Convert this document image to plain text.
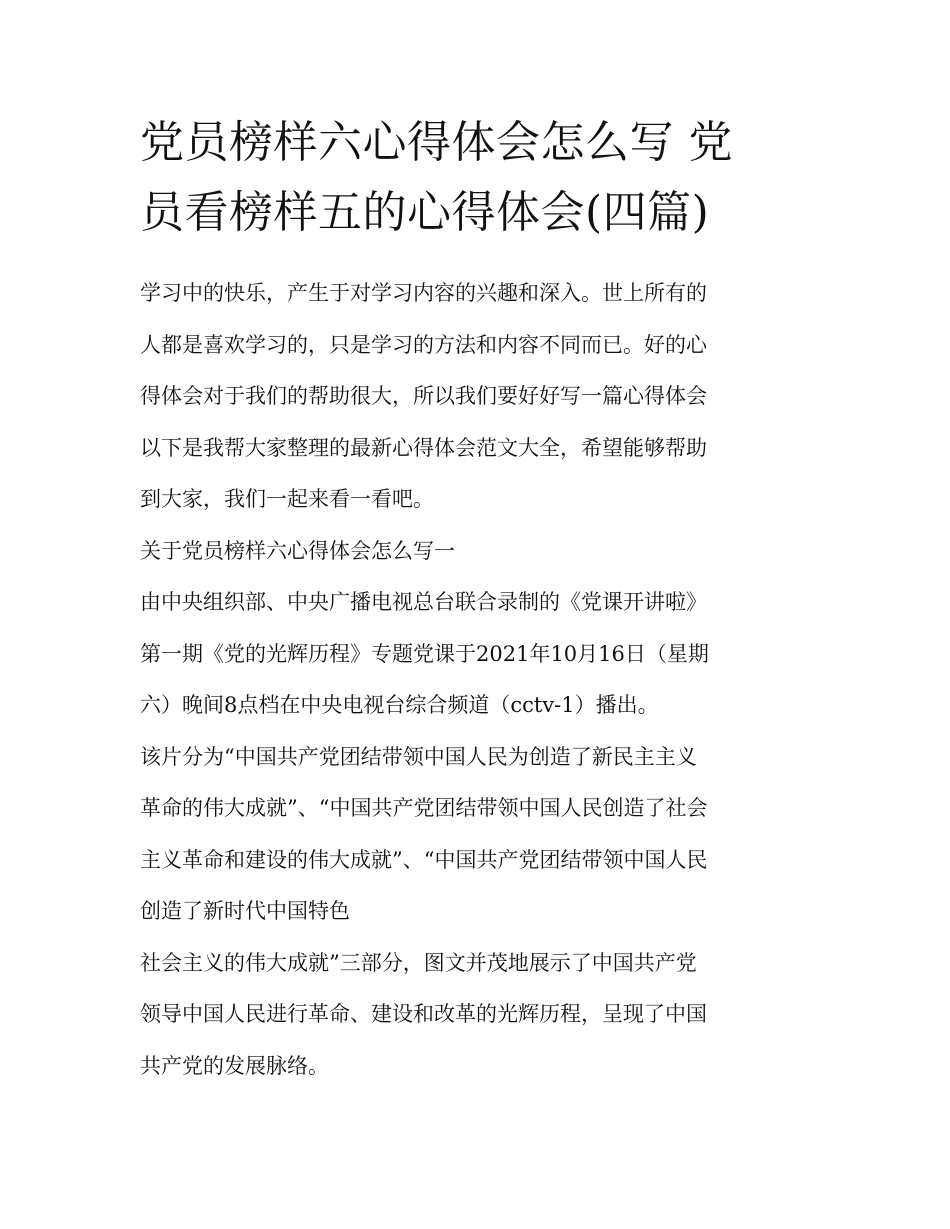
党员榜样六心得体会怎么写 党
员看榜样五的心得体会(四篇)

学习中的快乐，产生于对学习内容的兴趣和深入。世上所有的

人都是喜欢学习的，只是学习的方法和内容不同而已。好的心

得体会对于我们的帮助很大，所以我们要好好写一篇心得体会

以下是我帮大家整理的最新心得体会范文大全，希望能够帮助

到大家，我们一起来看一看吧。

关于党员榜样六心得体会怎么写一

由中央组织部、中央广播电视总台联合录制的《党课开讲啦》

第一期《党的光辉历程》专题党课于2021年10月16日（星期

六）晚间8点档在中央电视台综合频道（cctv-1）播出。

该片分为“中国共产党团结带领中国人民为创造了新民主主义

革命的伟大成就”、“中国共产党团结带领中国人民创造了社会

主义革命和建设的伟大成就”、“中国共产党团结带领中国人民

创造了新时代中国特色

社会主义的伟大成就”三部分，图文并茂地展示了中国共产党

领导中国人民进行革命、建设和改革的光辉历程，呈现了中国

共产党的发展脉络。
